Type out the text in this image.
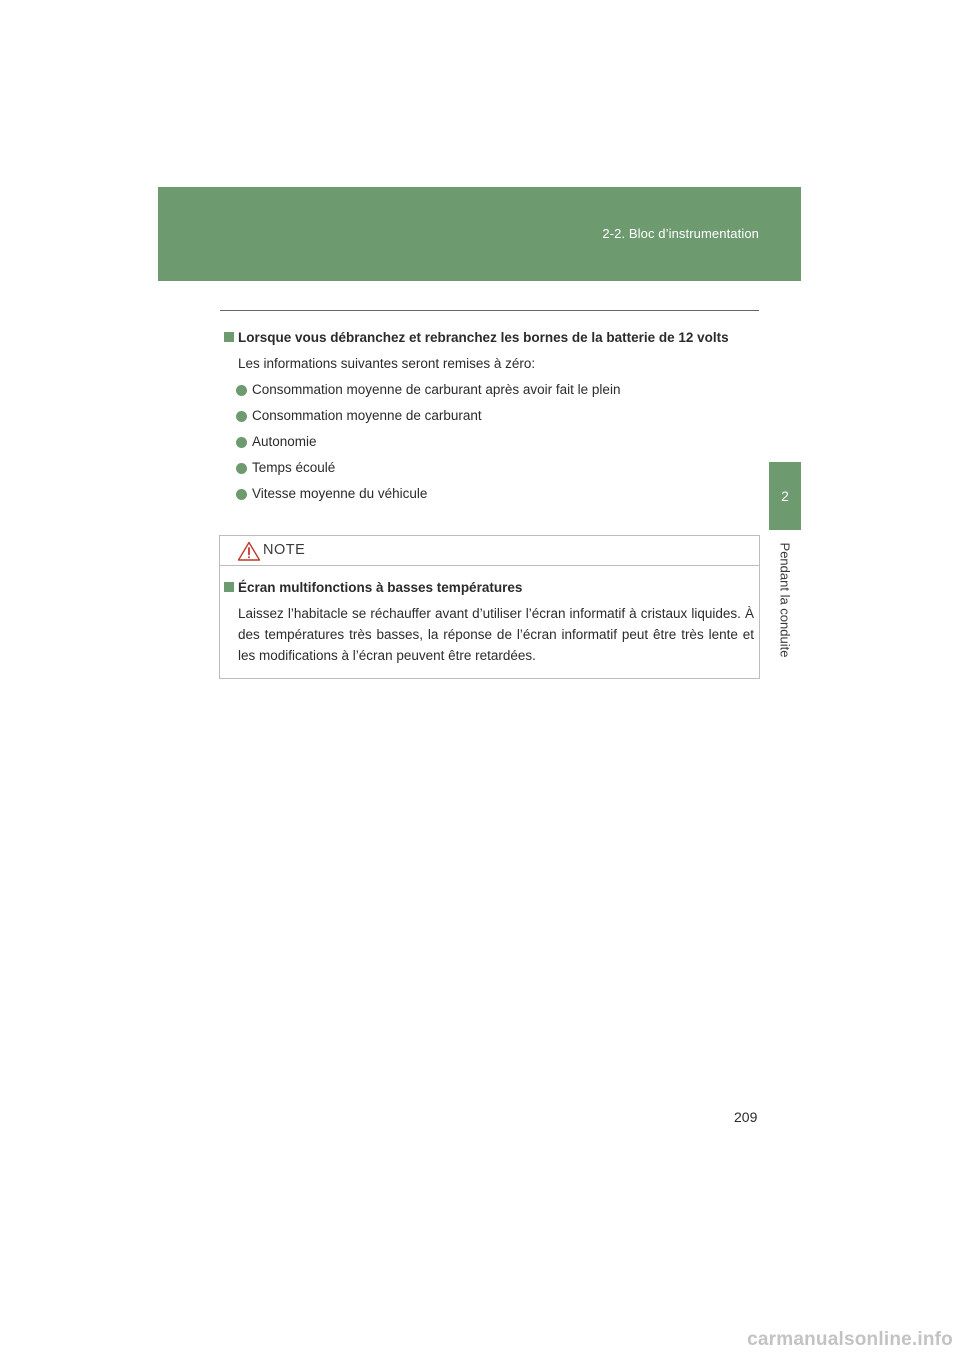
2-2. Bloc d’instrumentation
2
Pendant la conduite
Lorsque vous débranchez et rebranchez les bornes de la batterie de 12 volts
Les informations suivantes seront remises à zéro:
Consommation moyenne de carburant après avoir fait le plein
Consommation moyenne de carburant
Autonomie
Temps écoulé
Vitesse moyenne du véhicule
NOTE
Écran multifonctions à basses températures
Laissez l’habitacle se réchauffer avant d’utiliser l’écran informatif à cristaux liquides. À des températures très basses, la réponse de l’écran informatif peut être très lente et les modifications à l’écran peuvent être retardées.
209
carmanualsonline.info
